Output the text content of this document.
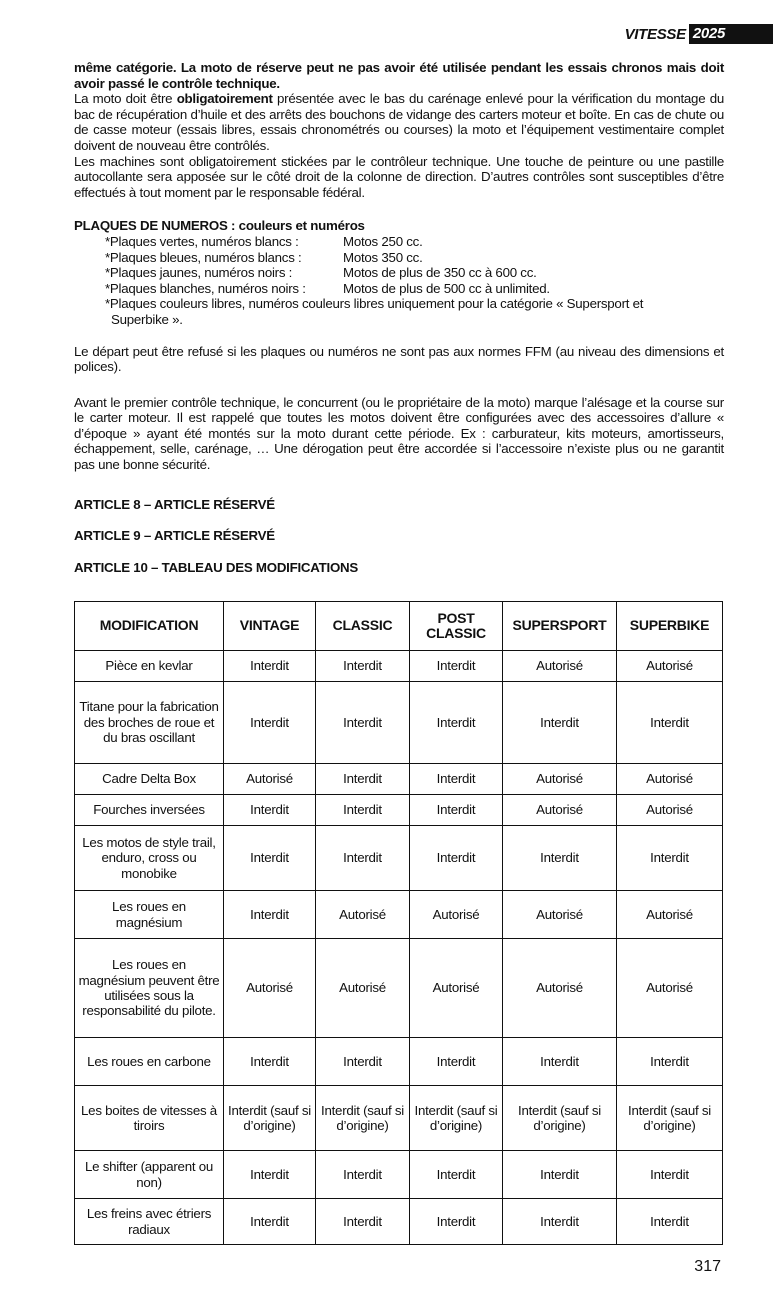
VITESSE 2025

même catégorie. La moto de réserve peut ne pas avoir été utilisée pendant les essais chronos mais doit avoir passé le contrôle technique.

La moto doit être obligatoirement présentée avec le bas du carénage enlevé pour la vérification du montage du bac de récupération d’huile et des arrêts des bouchons de vidange des carters moteur et boîte. En cas de chute ou de casse moteur (essais libres, essais chronométrés ou courses) la moto et l’équipement vestimentaire complet doivent de nouveau être contrôlés.

Les machines sont obligatoirement stickées par le contrôleur technique. Une touche de peinture ou une pastille autocollante sera apposée sur le côté droit de la colonne de direction. D’autres contrôles sont susceptibles d’être effectués à tout moment par le responsable fédéral.

PLAQUES DE NUMEROS : couleurs et numéros
*Plaques vertes, numéros blancs :	Motos 250 cc.
*Plaques bleues, numéros blancs :	Motos 350 cc.
*Plaques jaunes, numéros noirs :	Motos de plus de 350 cc à 600 cc.
*Plaques blanches, numéros noirs :	Motos de plus de 500 cc à unlimited.
*Plaques couleurs libres, numéros couleurs libres uniquement pour la catégorie « Supersport et
Superbike ».

Le départ peut être refusé si les plaques ou numéros ne sont pas aux normes FFM (au niveau des dimensions et polices).

Avant le premier contrôle technique, le concurrent (ou le propriétaire de la moto) marque l’alésage et la course sur le carter moteur. Il est rappelé que toutes les motos doivent être configurées avec des accessoires d’allure « d’époque » ayant été montés sur la moto durant cette période. Ex : carburateur, kits moteurs, amortisseurs, échappement, selle, carénage, … Une dérogation peut être accordée si l’accessoire n’existe plus ou ne garantit pas une bonne sécurité.

ARTICLE 8 – ARTICLE RÉSERVÉ
ARTICLE 9 – ARTICLE RÉSERVÉ
ARTICLE 10 – TABLEAU DES MODIFICATIONS
MODIFICATION	VINTAGE	CLASSIC	POST CLASSIC	SUPERSPORT	SUPERBIKE
Pièce en kevlar	Interdit	Interdit	Interdit	Autorisé	Autorisé
Titane pour la fabrication des broches de roue et du bras oscillant	Interdit	Interdit	Interdit	Interdit	Interdit
Cadre Delta Box	Autorisé	Interdit	Interdit	Autorisé	Autorisé
Fourches inversées	Interdit	Interdit	Interdit	Autorisé	Autorisé
Les motos de style trail, enduro, cross ou monobike	Interdit	Interdit	Interdit	Interdit	Interdit
Les roues en magnésium	Interdit	Autorisé	Autorisé	Autorisé	Autorisé
Les roues en magnésium peuvent être utilisées sous la responsabilité du pilote.	Autorisé	Autorisé	Autorisé	Autorisé	Autorisé
Les roues en carbone	Interdit	Interdit	Interdit	Interdit	Interdit
Les boites de vitesses à tiroirs	Interdit (sauf si d’origine)	Interdit (sauf si d’origine)	Interdit (sauf si d’origine)	Interdit (sauf si d’origine)	Interdit (sauf si d’origine)
Le shifter (apparent ou non)	Interdit	Interdit	Interdit	Interdit	Interdit
Les freins avec étriers radiaux	Interdit	Interdit	Interdit	Interdit	Interdit
317
